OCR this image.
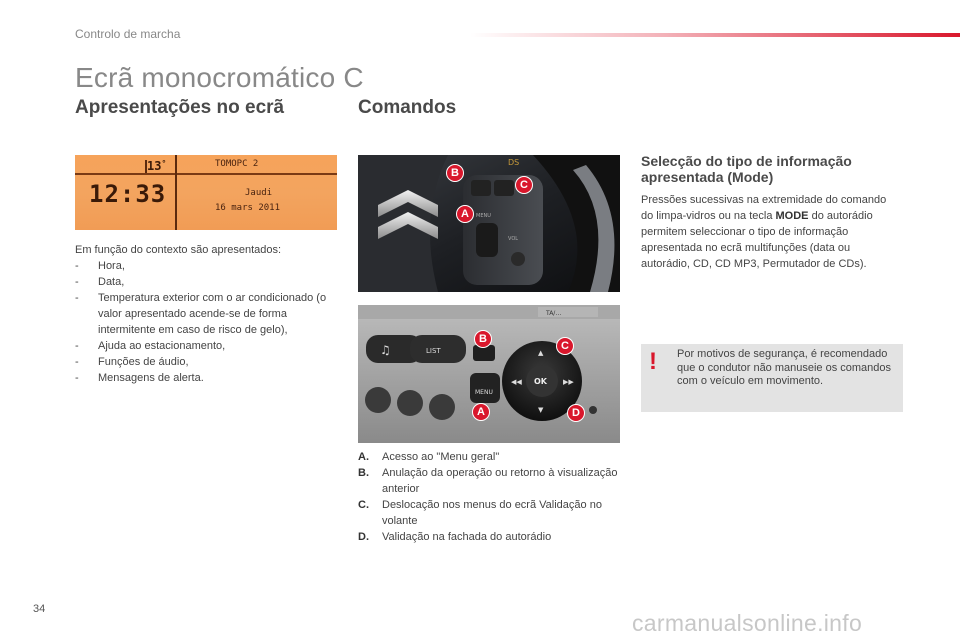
Controlo de marcha
Ecrã monocromático C
Apresentações no ecrã	Comandos
13°	TOMOPC 2
12:33	Jaudi
16 mars 2011
Em função do contexto são apresentados:
- Hora,
- Data,
- Temperatura exterior com o ar condicionado (o valor apresentado acende-se de forma intermitente em caso de risco de gelo),
- Ajuda ao estacionamento,
- Funções de áudio,
- Mensagens de alerta.
DS
MENU
VOL
B
C
A
♫	LIST
MENU
OK
▲
▼
◀◀	▶▶
TA/…
B
C
A	D
A. Acesso ao "Menu geral"
B. Anulação da operação ou retorno à visualização anterior
C. Deslocação nos menus do ecrã Validação no volante
D. Validação na fachada do autorádio
Selecção do tipo de informação apresentada (Mode)
Pressões sucessivas na extremidade do comando do limpa-vidros ou na tecla MODE do autorádio permitem seleccionar o tipo de informação apresentada no ecrã multifunções (data ou autorádio, CD, CD MP3, Permutador de CDs).
! Por motivos de segurança, é recomendado que o condutor não manuseie os comandos com o veículo em movimento.
34
carmanualsonline.info
